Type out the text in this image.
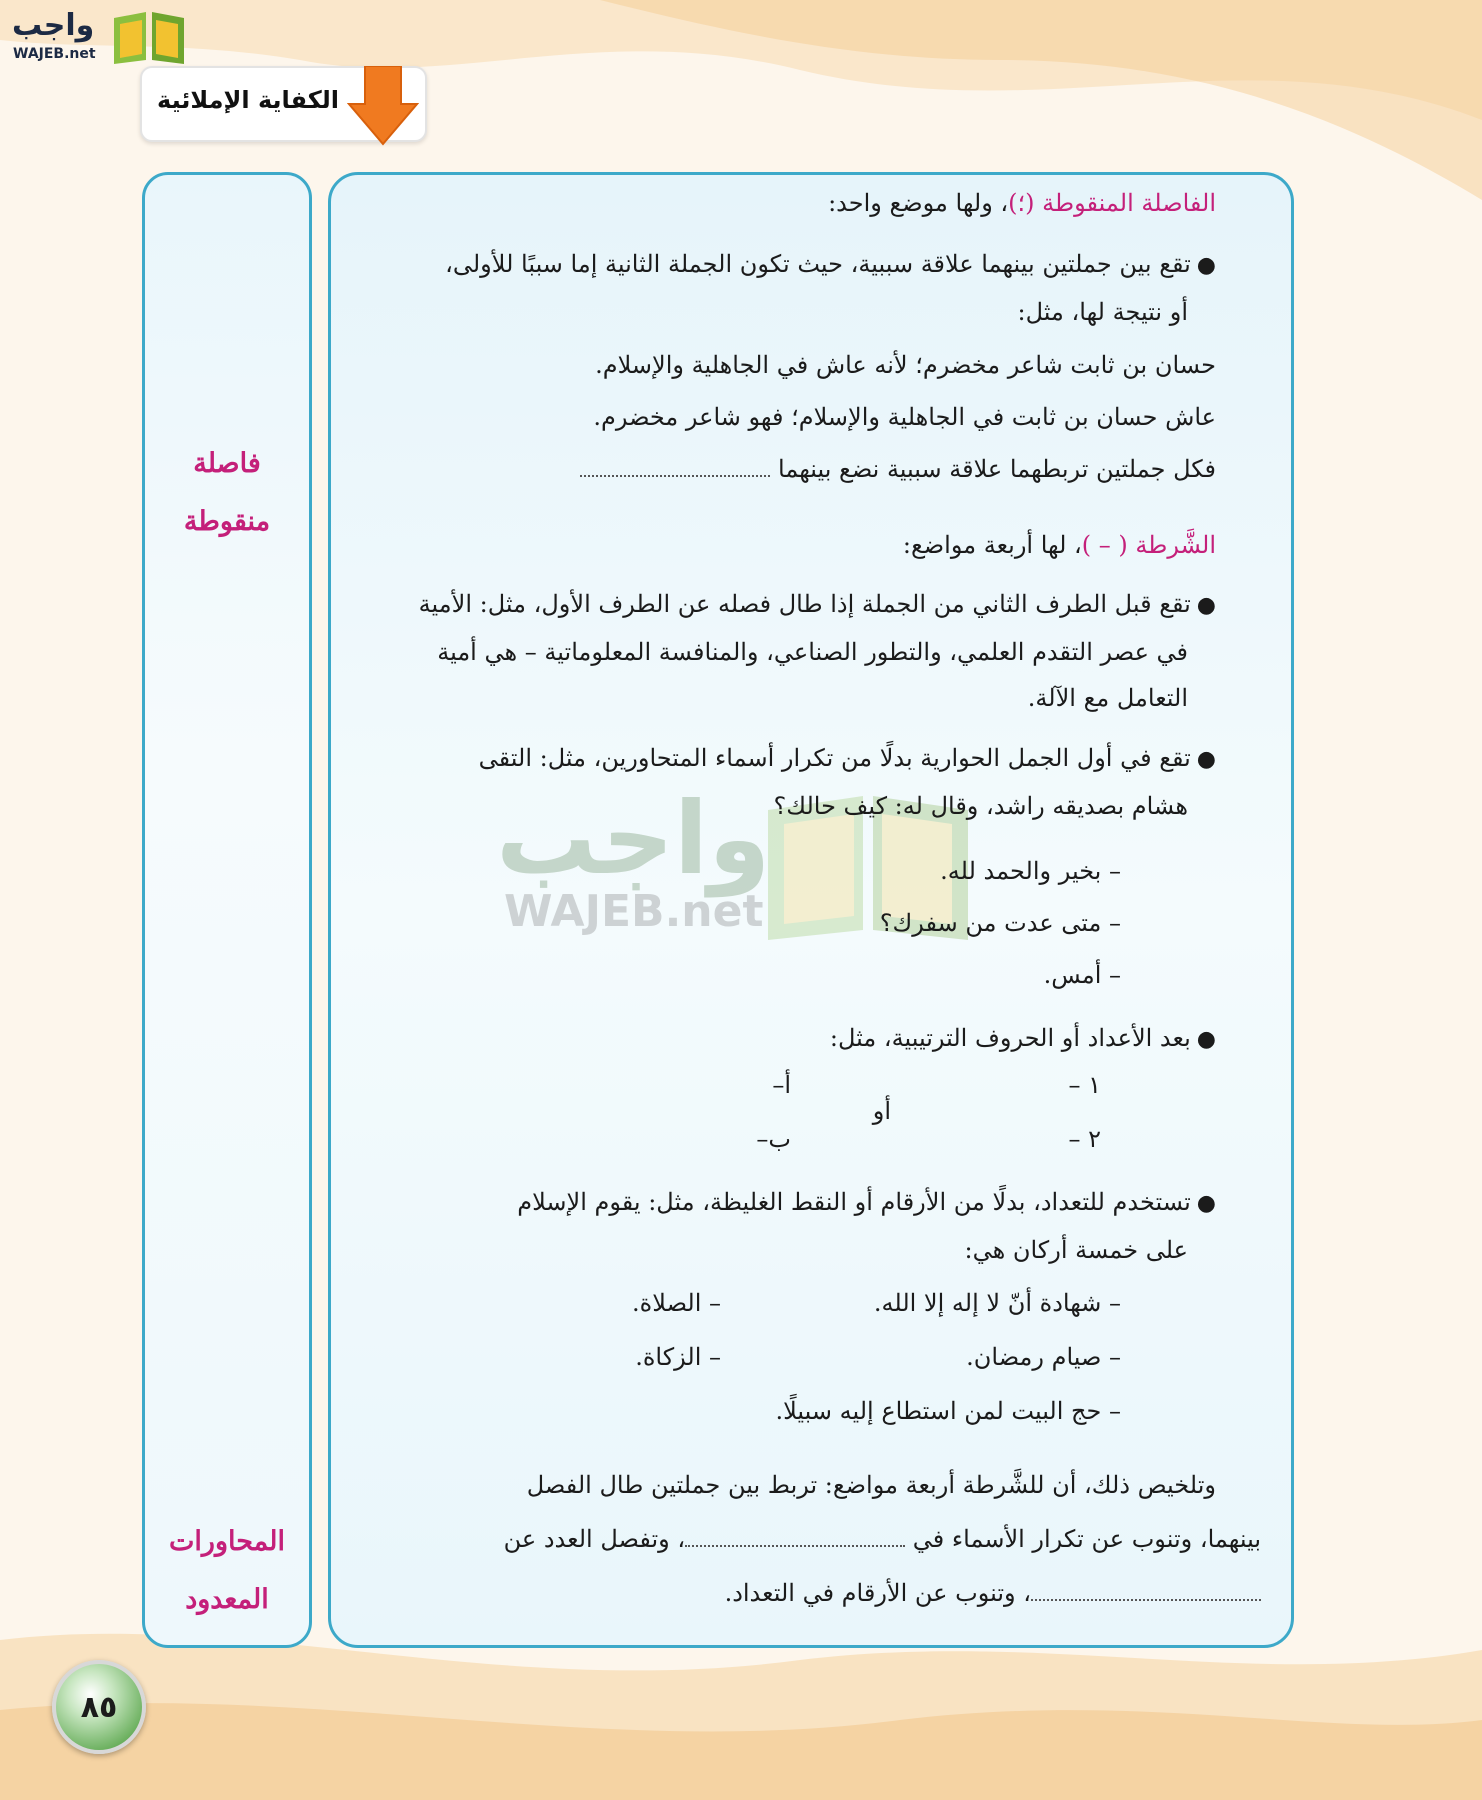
واجب
WAJEB.net
الكفاية الإملائية
فاصلة
منقوطة
المحاورات
المعدود
واجب
WAJEB.net
الفاصلة المنقوطة (؛)، ولها موضع واحد:
●تقع بين جملتين بينهما علاقة سببية، حيث تكون الجملة الثانية إما سببًا للأولى،
أو نتيجة لها، مثل:
حسان بن ثابت شاعر مخضرم؛ لأنه عاش في الجاهلية والإسلام.
عاش حسان بن ثابت في الجاهلية والإسلام؛ فهو شاعر مخضرم.
فكل جملتين تربطهما علاقة سببية نضع بينهما
الشَّرطة ( – )، لها أربعة مواضع:
●تقع قبل الطرف الثاني من الجملة إذا طال فصله عن الطرف الأول، مثل: الأمية
في عصر التقدم العلمي، والتطور الصناعي، والمنافسة المعلوماتية – هي أمية
التعامل مع الآلة.
●تقع في أول الجمل الحوارية بدلًا من تكرار أسماء المتحاورين، مثل: التقى
هشام بصديقه راشد، وقال له: كيف حالك؟
– بخير والحمد لله.
– متى عدت من سفرك؟
– أمس.
●بعد الأعداد أو الحروف الترتيبية، مثل:
١ –
٢ –
أو
أ–
ب–
●تستخدم للتعداد، بدلًا من الأرقام أو النقط الغليظة، مثل: يقوم الإسلام
على خمسة أركان هي:
– شهادة أنّ لا إله إلا الله.
– الصلاة.
– صيام رمضان.
– الزكاة.
– حج البيت لمن استطاع إليه سبيلًا.
وتلخيص ذلك، أن للشَّرطة أربعة مواضع: تربط بين جملتين طال الفصل
بينهما، وتنوب عن تكرار الأسماء في ، وتفصل العدد عن
، وتنوب عن الأرقام في التعداد.
٨٥
